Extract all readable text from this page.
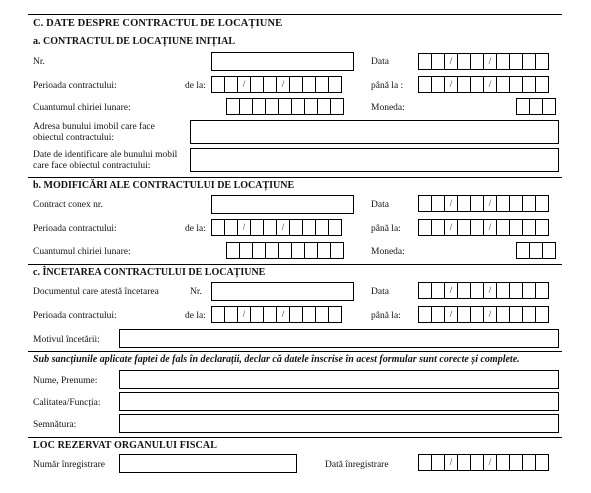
C. DATE DESPRE CONTRACTUL DE LOCAȚIUNE
a. CONTRACTUL DE LOCAȚIUNE INIȚIAL
Nr.	Data	/	/
Perioada contractului:	de la:	/	/	până la :	/	/
Cuantumul chiriei lunare:	Moneda:
Adresa bunului imobil care face
obiectul contractului:
Date de identificare ale bunului mobil
care face obiectul contractului:
b. MODIFICĂRI ALE CONTRACTULUI DE LOCAȚIUNE
Contract conex nr.	Data	/	/
Perioada contractului:	de la:	/	/	până la:	/	/
Cuantumul chiriei lunare:	Moneda:
c. ÎNCETAREA CONTRACTULUI DE LOCAȚIUNE
Documentul care atestă încetarea	Nr.	Data	/	/
Perioada contractului:	de la:	/	/	până la:	/	/
Motivul încetării:
Sub sancțiunile aplicate faptei de fals în declarații, declar că datele înscrise în acest formular sunt corecte și complete.
Nume, Prenume:
Calitatea/Funcția:
Semnătura:
LOC REZERVAT ORGANULUI FISCAL
Număr înregistrare	Dată înregistrare	/	/
